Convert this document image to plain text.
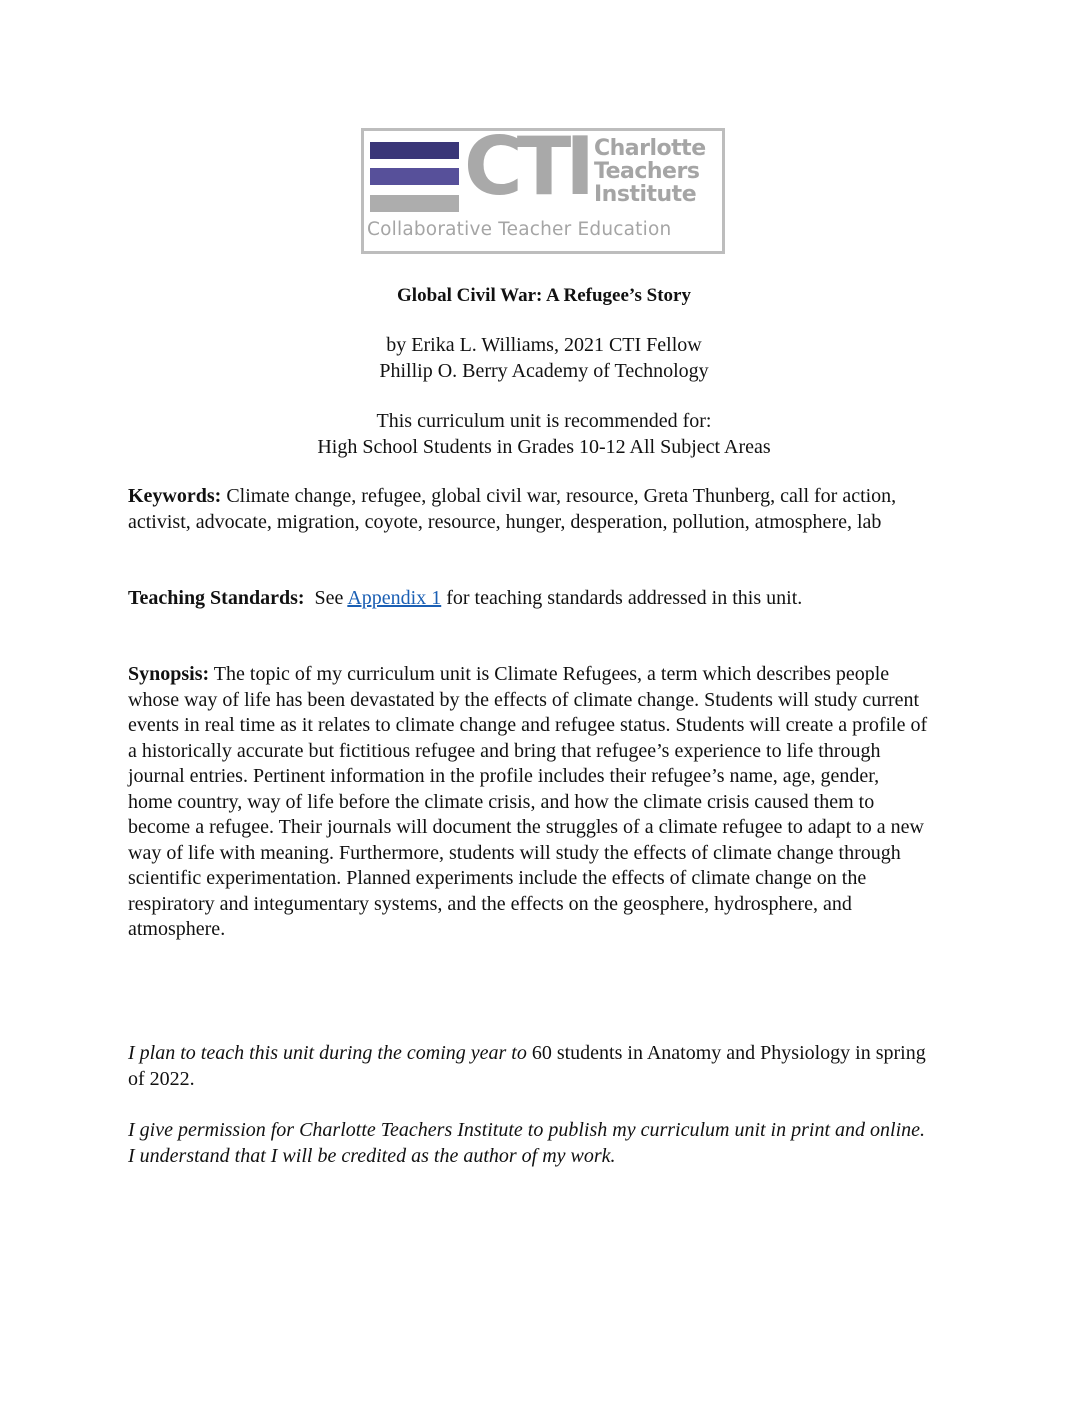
CTI Charlotte
Teachers
Institute
Collaborative Teacher Education
Global Civil War: A Refugee’s Story
by Erika L. Williams, 2021 CTI Fellow
Phillip O. Berry Academy of Technology
This curriculum unit is recommended for:
High School Students in Grades 10-12 All Subject Areas
Keywords: Climate change, refugee, global civil war, resource, Greta Thunberg, call for action, activist, advocate, migration, coyote, resource, hunger, desperation, pollution, atmosphere, lab
Teaching Standards:  See Appendix 1 for teaching standards addressed in this unit.
Synopsis: The topic of my curriculum unit is Climate Refugees, a term which describes people whose way of life has been devastated by the effects of climate change. Students will study current events in real time as it relates to climate change and refugee status. Students will create a profile of a historically accurate but fictitious refugee and bring that refugee’s experience to life through journal entries. Pertinent information in the profile includes their refugee’s name, age, gender, home country, way of life before the climate crisis, and how the climate crisis caused them to become a refugee. Their journals will document the struggles of a climate refugee to adapt to a new way of life with meaning. Furthermore, students will study the effects of climate change through scientific experimentation. Planned experiments include the effects of climate change on the respiratory and integumentary systems, and the effects on the geosphere, hydrosphere, and atmosphere.
I plan to teach this unit during the coming year to 60 students in Anatomy and Physiology in spring of 2022.
I give permission for Charlotte Teachers Institute to publish my curriculum unit in print and online. I understand that I will be credited as the author of my work.
